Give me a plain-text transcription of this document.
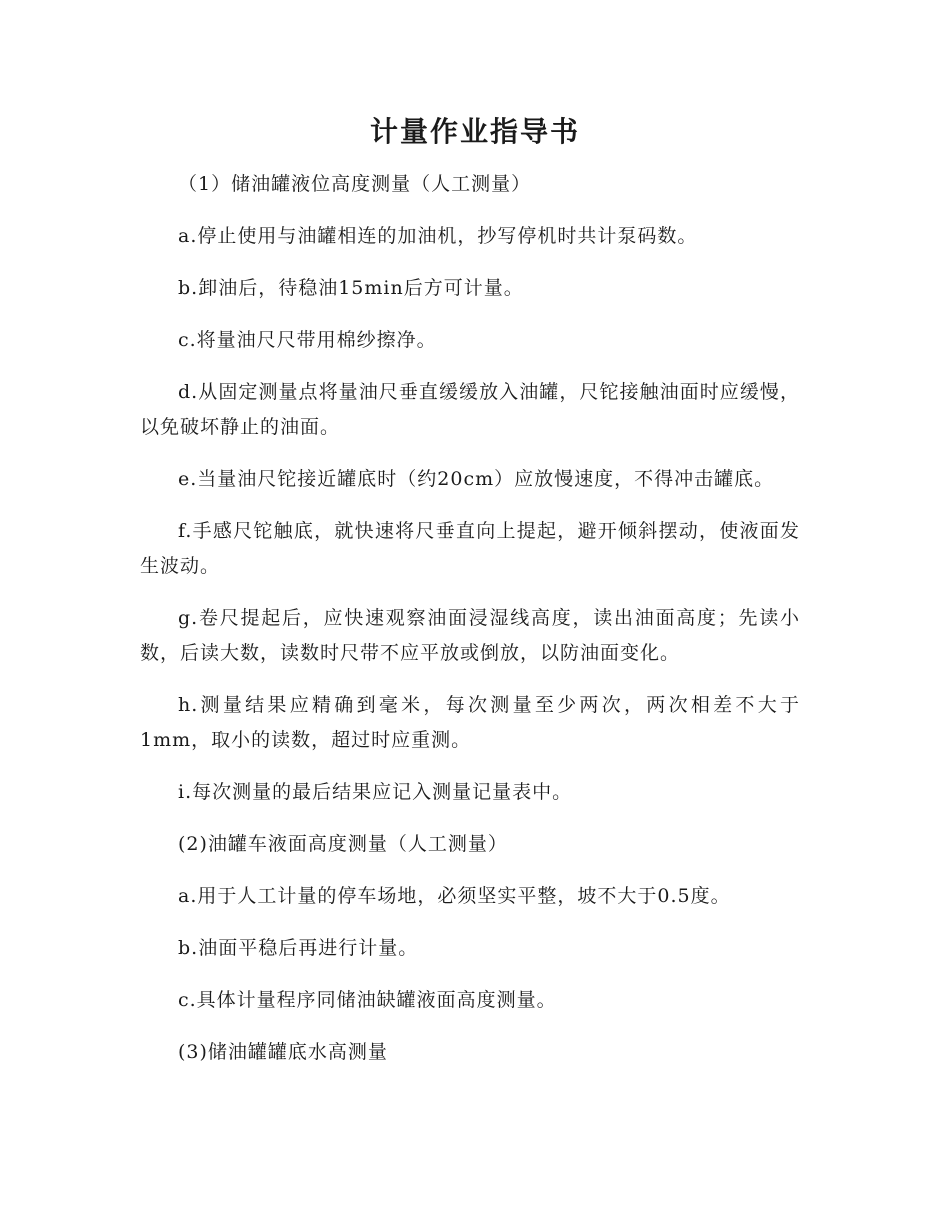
计量作业指导书

（1）储油罐液位高度测量（人工测量）

a.停止使用与油罐相连的加油机，抄写停机时共计泵码数。

b.卸油后，待稳油15min后方可计量。

c.将量油尺尺带用棉纱擦净。

d.从固定测量点将量油尺垂直缓缓放入油罐，尺铊接触油面时应缓慢，以免破坏静止的油面。

e.当量油尺铊接近罐底时（约20cm）应放慢速度，不得冲击罐底。

f.手感尺铊触底，就快速将尺垂直向上提起，避开倾斜摆动，使液面发生波动。

g.卷尺提起后，应快速观察油面浸湿线高度，读出油面高度；先读小数，后读大数，读数时尺带不应平放或倒放，以防油面变化。

h.测量结果应精确到毫米，每次测量至少两次，两次相差不大于1mm，取小的读数，超过时应重测。

i.每次测量的最后结果应记入测量记量表中。

(2)油罐车液面高度测量（人工测量）

a.用于人工计量的停车场地，必须坚实平整，坡不大于0.5度。

b.油面平稳后再进行计量。

c.具体计量程序同储油缺罐液面高度测量。

(3)储油罐罐底水高测量
